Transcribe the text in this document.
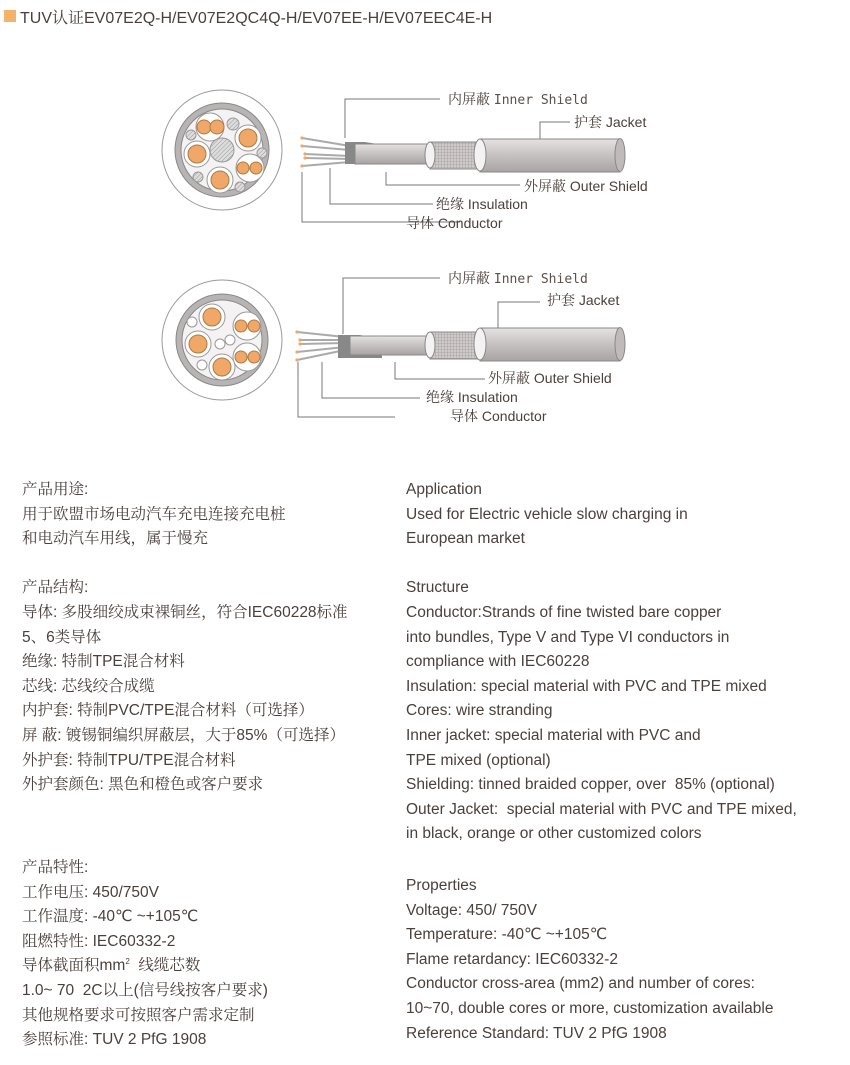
TUV认证EV07E2Q-H/EV07E2QC4Q-H/EV07EE-H/EV07EEC4E-H
内屏蔽 Inner Shield
护套 Jacket
外屏蔽 Outer Shield
绝缘 Insulation
导体 Conductor
内屏蔽 Inner Shield
护套 Jacket
外屏蔽 Outer Shield
绝缘 Insulation
导体 Conductor

产品用途:

用于欧盟市场电动汽车充电连接充电桩

和电动汽车用线，属于慢充

产品结构:

导体: 多股细绞成束裸铜丝，符合IEC60228标准

5、6类导体

绝缘: 特制TPE混合材料

芯线: 芯线绞合成缆

内护套: 特制PVC/TPE混合材料（可选择）

屏 蔽: 镀锡铜编织屏蔽层，大于85%（可选择）

外护套: 特制TPU/TPE混合材料

外护套颜色: 黑色和橙色或客户要求

产品特性:

工作电压: 450/750V

工作温度: -40℃ ~+105℃

阻燃特性: IEC60332-2

导体截面积$mm^2$  线缆芯数

1.0~ 70  2C以上(信号线按客户要求)

其他规格要求可按照客户需求定制

参照标准: TUV 2 PfG 1908

Application

Used for Electric vehicle slow charging in

European market

Structure

Conductor:Strands of fine twisted bare copper

into bundles, Type V and Type VI conductors in

compliance with IEC60228

Insulation: special material with PVC and TPE mixed

Cores: wire stranding

Inner jacket: special material with PVC and

TPE mixed (optional)

Shielding: tinned braided copper, over  85% (optional)

Outer Jacket:  special material with PVC and TPE mixed,

in black, orange or other customized colors

Properties

Voltage: 450/ 750V

Temperature: -40℃ ~+105℃

Flame retardancy: IEC60332-2

Conductor cross-area (mm2) and number of cores:

10~70, double cores or more, customization available

Reference Standard: TUV 2 PfG 1908
